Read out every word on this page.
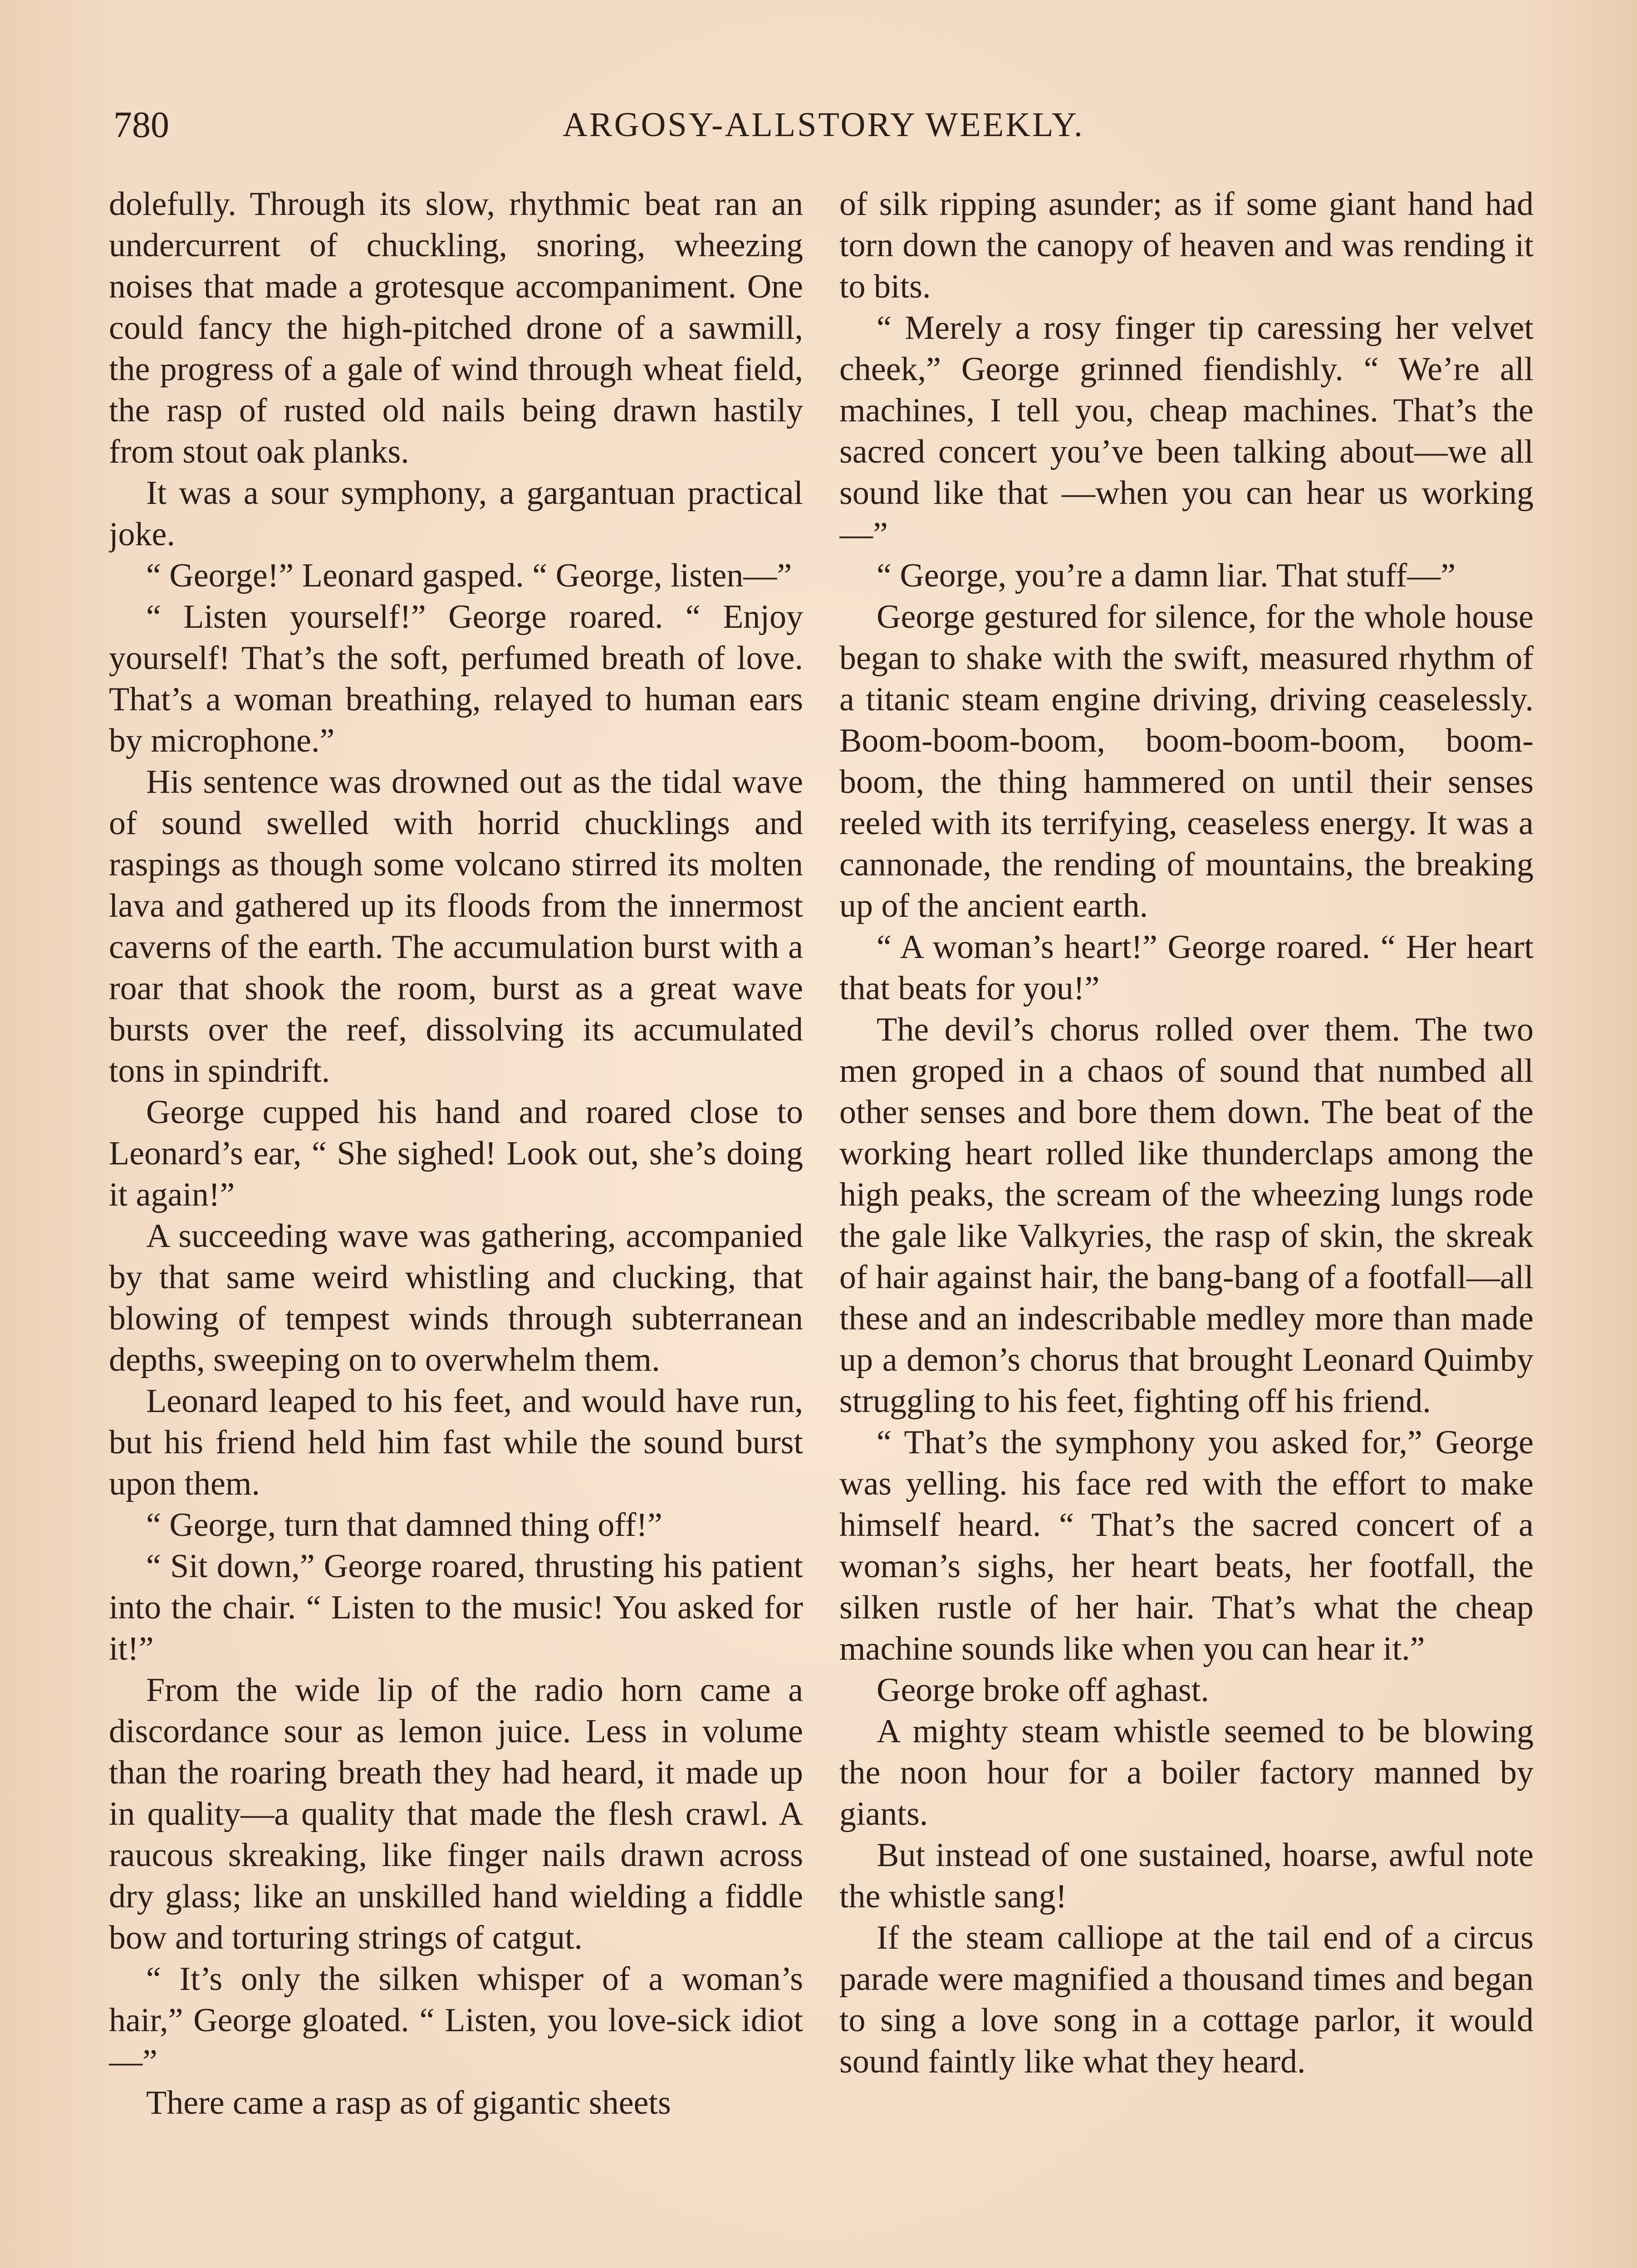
780	ARGOSY-ALLSTORY WEEKLY.

dolefully. Through its slow, rhythmic beat ran an undercurrent of chuckling, snoring, wheezing noises that made a grotesque accompaniment. One could fancy the high-pitched drone of a sawmill, the progress of a gale of wind through wheat field, the rasp of rusted old nails being drawn hastily from stout oak planks.

It was a sour symphony, a gargantuan practical joke.

“ George!” Leonard gasped. “ George, listen—”

“ Listen yourself!” George roared. “ Enjoy yourself! That’s the soft, perfumed breath of love. That’s a woman breathing, relayed to human ears by microphone.”

His sentence was drowned out as the tidal wave of sound swelled with horrid chucklings and raspings as though some volcano stirred its molten lava and gathered up its floods from the innermost caverns of the earth. The accumulation burst with a roar that shook the room, burst as a great wave bursts over the reef, dissolving its accumulated tons in spindrift.

George cupped his hand and roared close to Leonard’s ear, “ She sighed! Look out, she’s doing it again!”

A succeeding wave was gathering, accompanied by that same weird whistling and clucking, that blowing of tempest winds through subterranean depths, sweeping on to overwhelm them.

Leonard leaped to his feet, and would have run, but his friend held him fast while the sound burst upon them.

“ George, turn that damned thing off!”

“ Sit down,” George roared, thrusting his patient into the chair. “ Listen to the music! You asked for it!”

From the wide lip of the radio horn came a discordance sour as lemon juice. Less in volume than the roaring breath they had heard, it made up in quality—a quality that made the flesh crawl. A raucous skreaking, like finger nails drawn across dry glass; like an unskilled hand wielding a fiddle bow and torturing strings of catgut.

“ It’s only the silken whisper of a woman’s hair,” George gloated. “ Listen, you love-sick idiot—”

There came a rasp as of gigantic sheets

of silk ripping asunder; as if some giant hand had torn down the canopy of heaven and was rending it to bits.

“ Merely a rosy finger tip caressing her velvet cheek,” George grinned fiendishly. “ We’re all machines, I tell you, cheap machines. That’s the sacred concert you’ve been talking about—we all sound like that —when you can hear us working—”

“ George, you’re a damn liar. That stuff—”

George gestured for silence, for the whole house began to shake with the swift, measured rhythm of a titanic steam engine driving, driving ceaselessly. Boom-boom-boom, boom-boom-boom, boom-boom, the thing hammered on until their senses reeled with its terrifying, ceaseless energy. It was a cannonade, the rending of mountains, the breaking up of the ancient earth.

“ A woman’s heart!” George roared. “ Her heart that beats for you!”

The devil’s chorus rolled over them. The two men groped in a chaos of sound that numbed all other senses and bore them down. The beat of the working heart rolled like thunderclaps among the high peaks, the scream of the wheezing lungs rode the gale like Valkyries, the rasp of skin, the skreak of hair against hair, the bang-bang of a footfall—all these and an indescribable medley more than made up a demon’s chorus that brought Leonard Quimby struggling to his feet, fighting off his friend.

“ That’s the symphony you asked for,” George was yelling. his face red with the effort to make himself heard. “ That’s the sacred concert of a woman’s sighs, her heart beats, her footfall, the silken rustle of her hair. That’s what the cheap machine sounds like when you can hear it.”

George broke off aghast.

A mighty steam whistle seemed to be blowing the noon hour for a boiler factory manned by giants.

But instead of one sustained, hoarse, awful note the whistle sang!

If the steam calliope at the tail end of a circus parade were magnified a thousand times and began to sing a love song in a cottage parlor, it would sound faintly like what they heard.
